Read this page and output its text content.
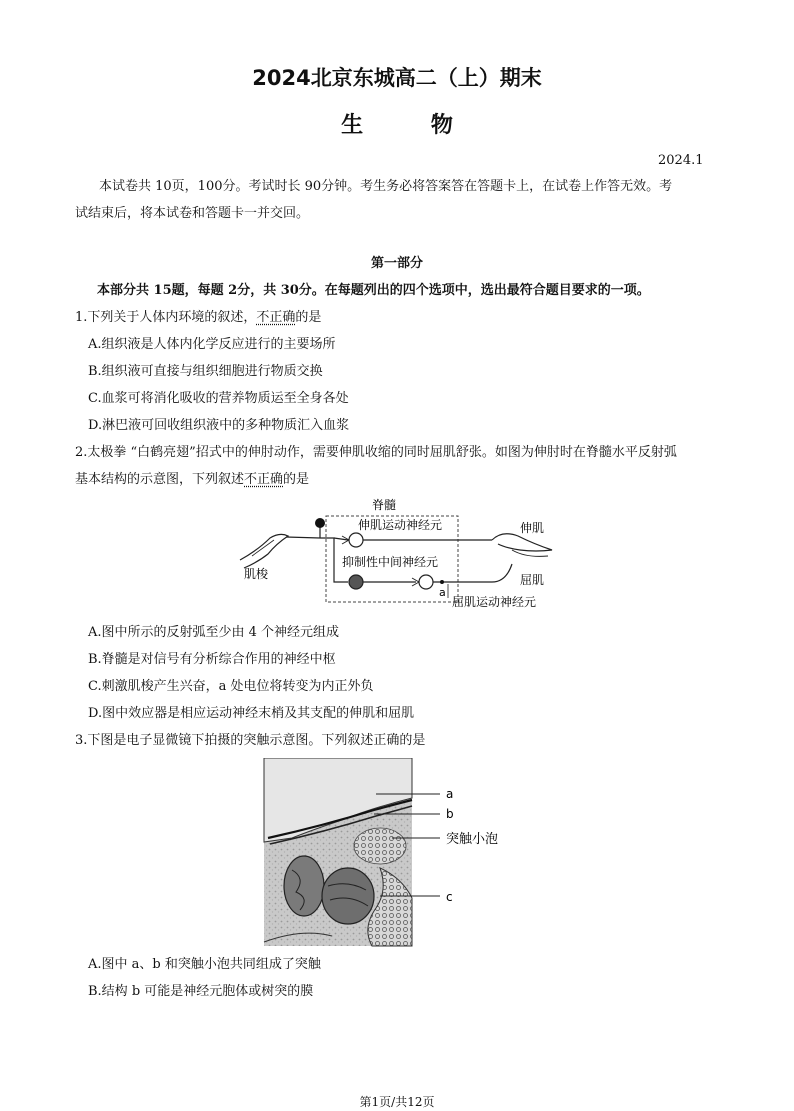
2024北京东城高二（上）期末
生 物
2024.1
本试卷共 10页，100分。考试时长 90分钟。考生务必将答案答在答题卡上，在试卷上作答无效。考
试结束后，将本试卷和答题卡一并交回。
第一部分
本部分共 15题，每题 2分，共 30分。在每题列出的四个选项中，选出最符合题目要求的一项。
1.下列关于人体内环境的叙述，不正确的是
A.组织液是人体内化学反应进行的主要场所
B.组织液可直接与组织细胞进行物质交换
C.血浆可将消化吸收的营养物质运至全身各处
D.淋巴液可回收组织液中的多种物质汇入血浆
2.太极拳 “白鹤亮翅”招式中的伸肘动作，需要伸肌收缩的同时屈肌舒张。如图为伸肘时在脊髓水平反射弧
基本结构的示意图，下列叙述不正确的是
脊髓
肌梭
伸肌运动神经元
抑制性中间神经元
a
屈肌运动神经元
伸肌
屈肌
A.图中所示的反射弧至少由 4 个神经元组成
B.脊髓是对信号有分析综合作用的神经中枢
C.刺激肌梭产生兴奋，a 处电位将转变为内正外负
D.图中效应器是相应运动神经末梢及其支配的伸肌和屈肌
3.下图是电子显微镜下拍摄的突触示意图。下列叙述正确的是
a
b
突触小泡
c
A.图中 a、b 和突触小泡共同组成了突触
B.结构 b 可能是神经元胞体或树突的膜
第1页/共12页
